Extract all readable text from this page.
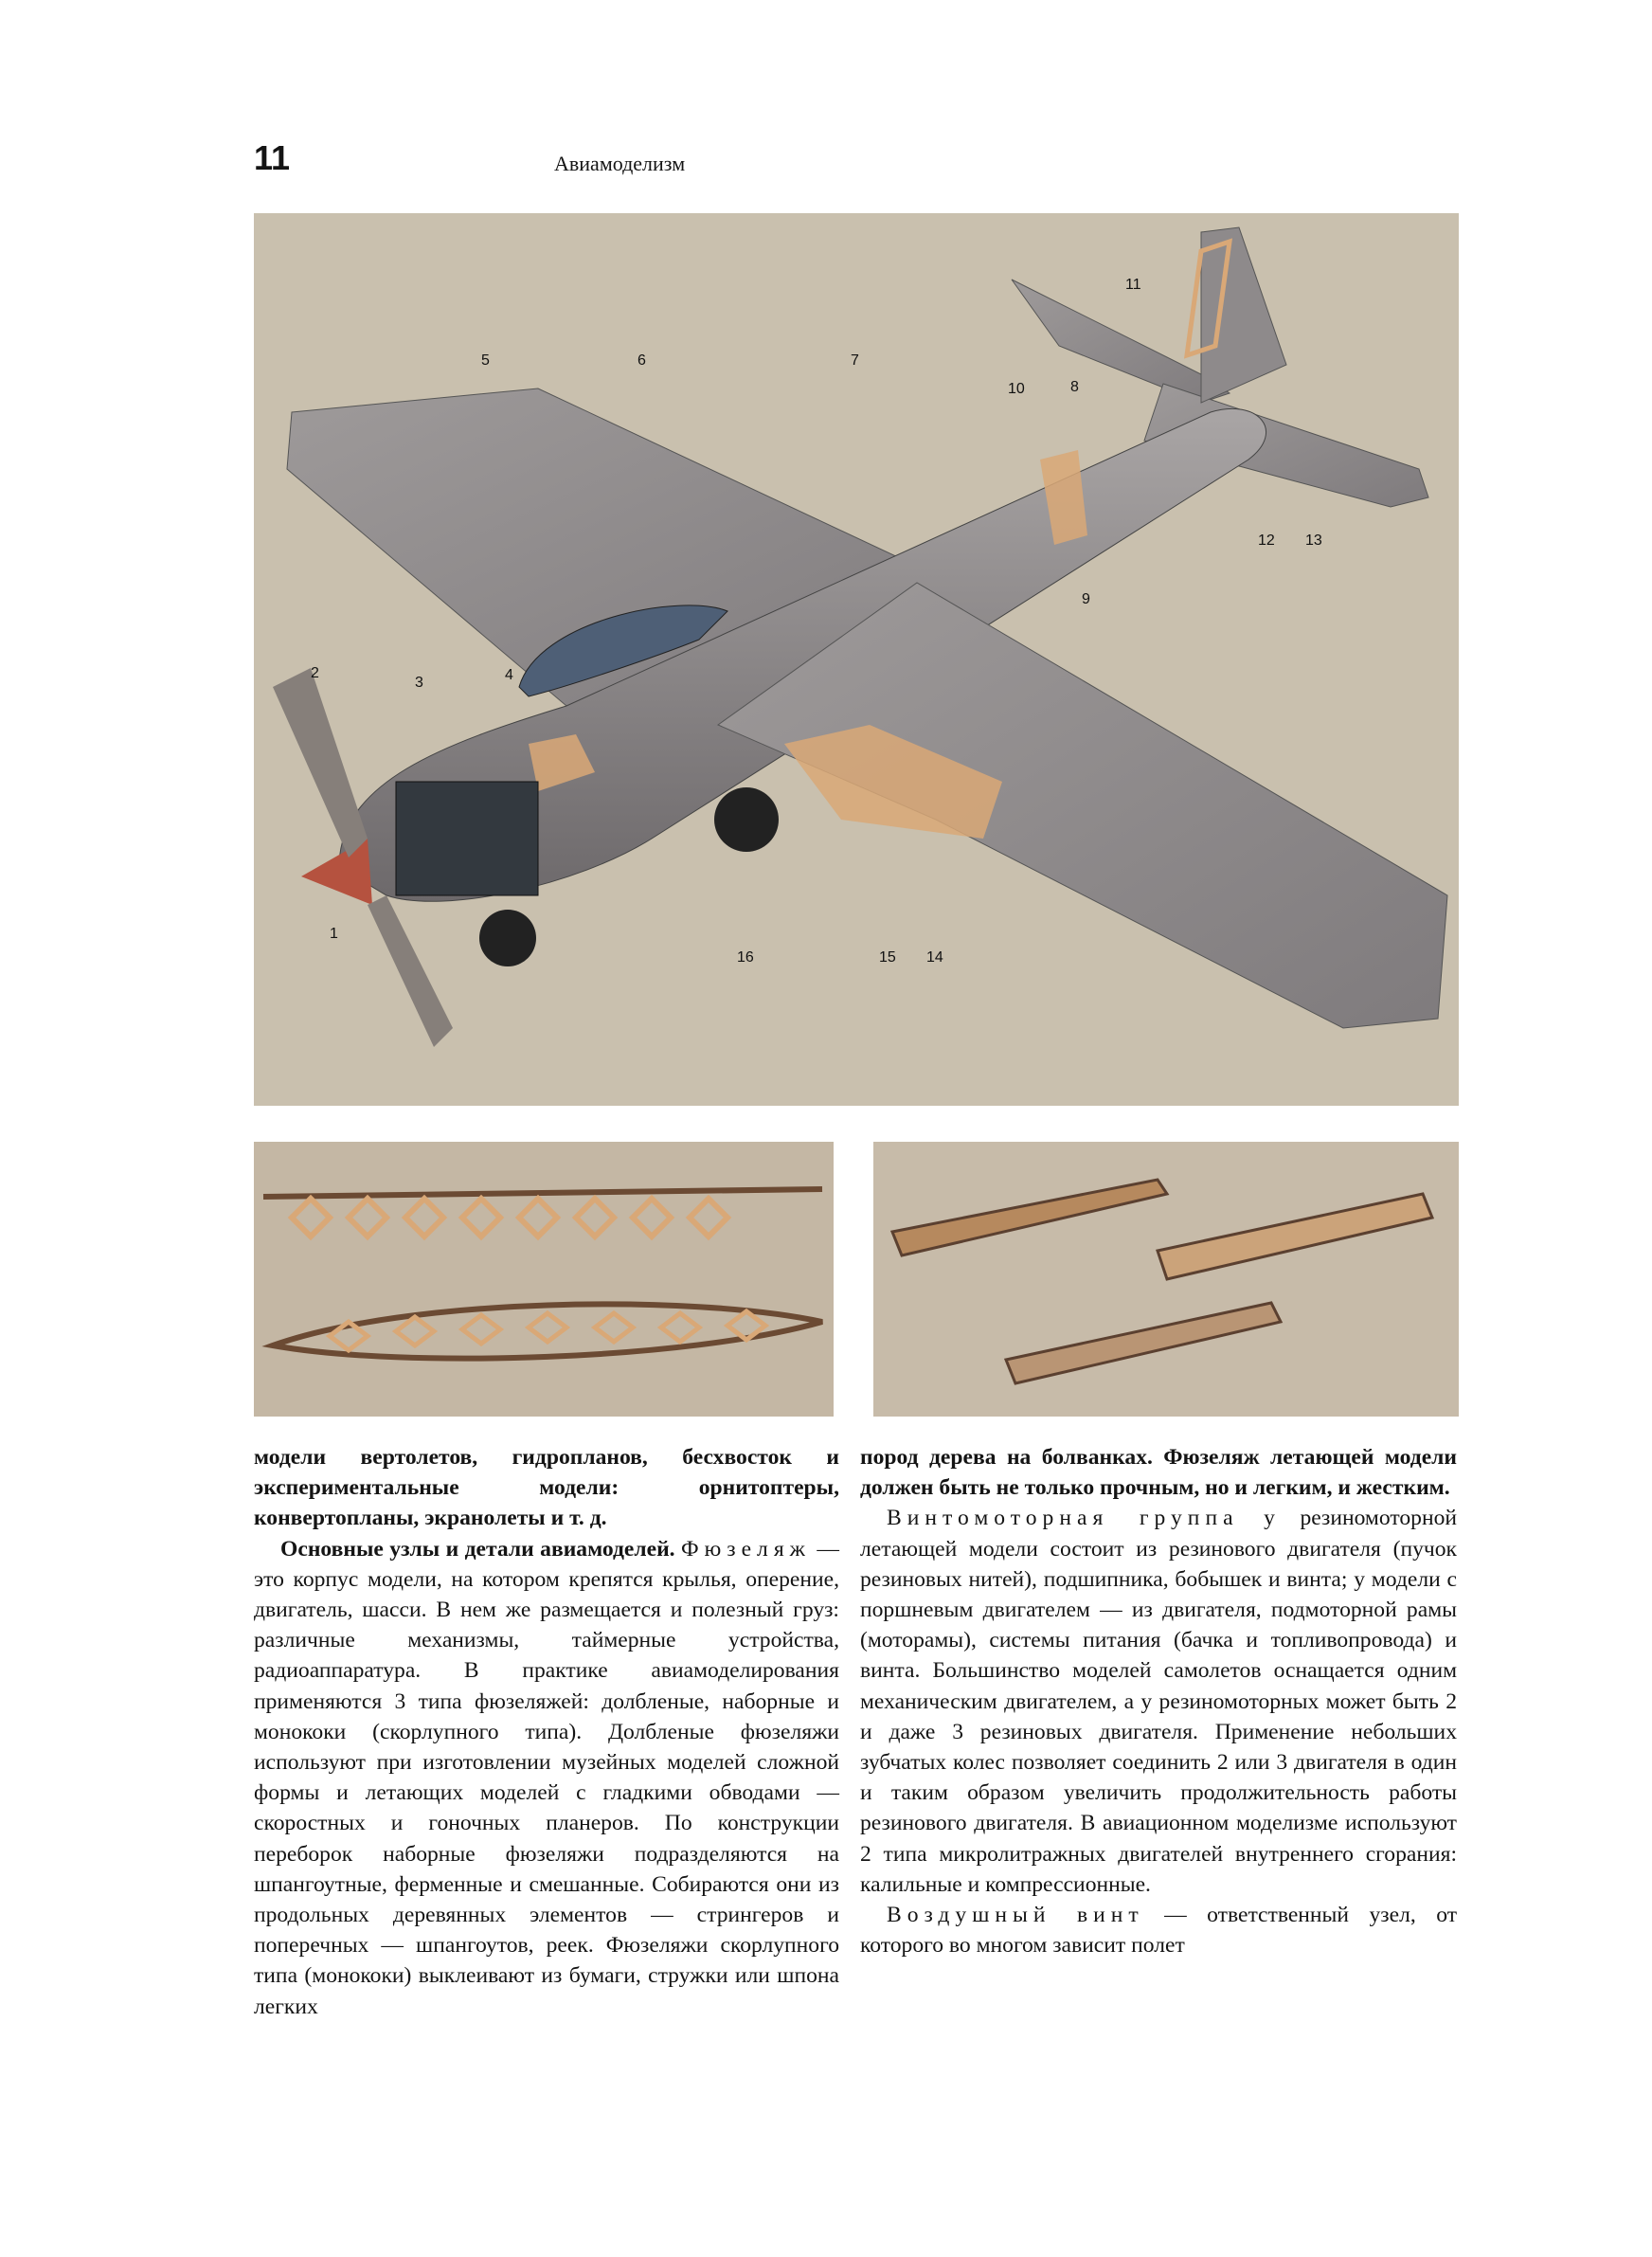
11	Авиамоделизм
1
2
3	4
5	6	7
8
9
10
11
12 13
14
15
16

модели вертолетов, гидропланов, бесхвосток и экспериментальные модели: орнитоптеры, конвертопланы, экранолеты и т. д.

Основные узлы и детали авиамоделей. Фюзеляж — это корпус модели, на котором крепятся крылья, оперение, двигатель, шасси. В нем же размещается и полезный груз: различные механизмы, таймерные устройства, радиоаппаратура. В практике авиамоделирования применяются 3 типа фюзеляжей: долбленые, наборные и монококи (скорлупного типа). Долбленые фюзеляжи используют при изготовлении музейных моделей сложной формы и летающих моделей с гладкими обводами — скоростных и гоночных планеров. По конструкции переборок наборные фюзеляжи подразделяются на шпангоутные, ферменные и смешанные. Собираются они из продольных деревянных элементов — стрингеров и поперечных — шпангоутов, реек. Фюзеляжи скорлупного типа (монококи) выклеивают из бумаги, стружки или шпона легких

пород дерева на болванках. Фюзеляж летающей модели должен быть не только прочным, но и легким, и жестким.

Винтомоторная группа у резиномоторной летающей модели состоит из резинового двигателя (пучок резиновых нитей), подшипника, бобышек и винта; у модели с поршневым двигателем — из двигателя, подмоторной рамы (моторамы), системы питания (бачка и топливопровода) и винта. Большинство моделей самолетов оснащается одним механическим двигателем, а у резиномоторных может быть 2 и даже 3 резиновых двигателя. Применение небольших зубчатых колес позволяет соединить 2 или 3 двигателя в один и таким образом увеличить продолжительность работы резинового двигателя. В авиационном моделизме используют 2 типа микролитражных двигателей внутреннего сгорания: калильные и компрессионные.

Воздушный винт — ответственный узел, от которого во многом зависит полет
